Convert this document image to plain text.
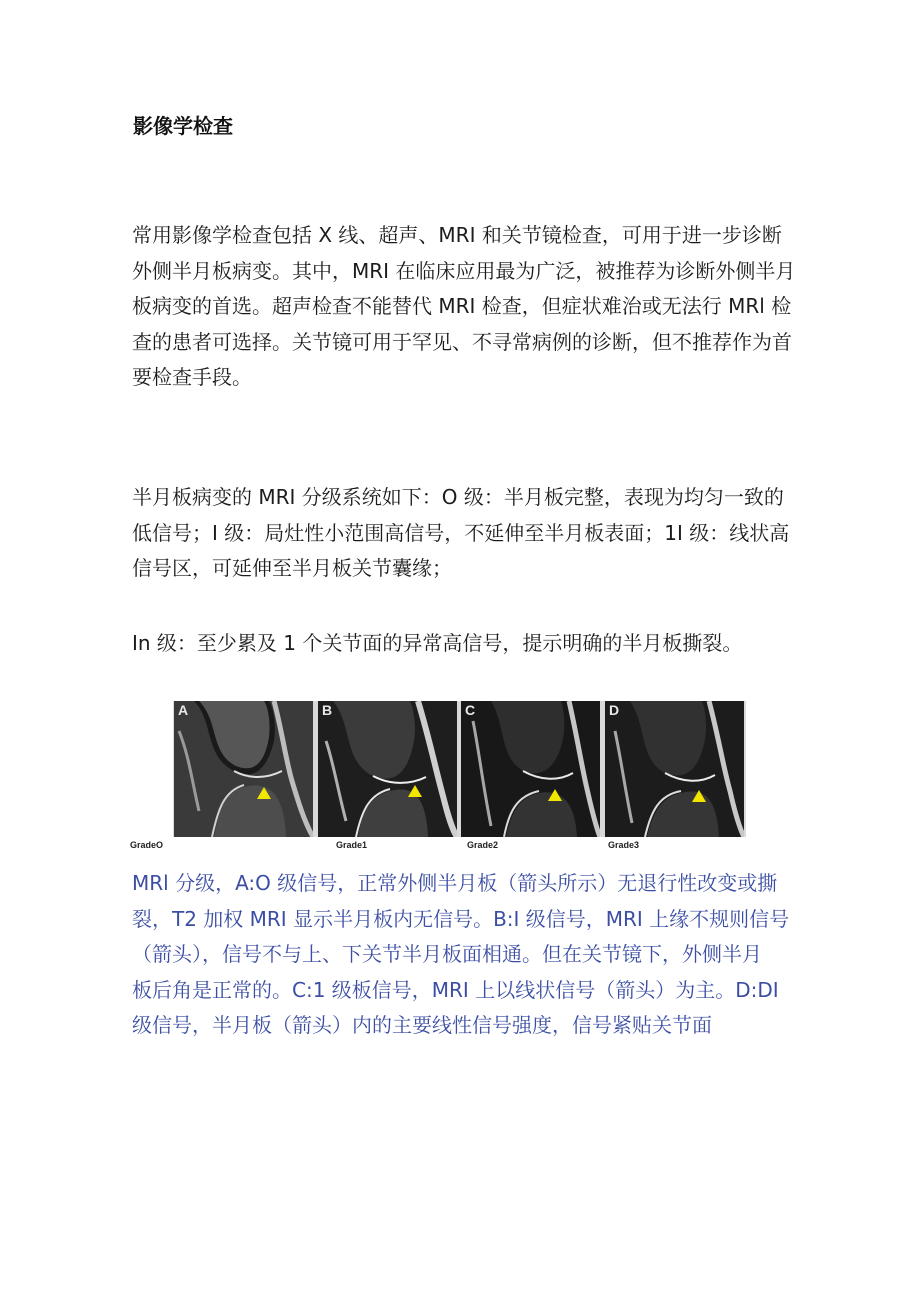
影像学检查
常用影像学检查包括 X 线、超声、MRI 和关节镜检查，可用于进一步诊断
外侧半月板病变。其中，MRI 在临床应用最为广泛，被推荐为诊断外侧半月
板病变的首选。超声检查不能替代 MRI 检查，但症状难治或无法行 MRl 检
查的患者可选择。关节镜可用于罕见、不寻常病例的诊断，但不推荐作为首
要检查手段。
半月板病变的 MRI 分级系统如下：O 级：半月板完整，表现为均匀一致的
低信号；I 级：局灶性小范围高信号，不延伸至半月板表面；1I 级：线状高
信号区，可延伸至半月板关节囊缘；
In 级：至少累及 1 个关节面的异常高信号，提示明确的半月板撕裂。
A	B	C	D
GradeO	Grade1	Grade2	Grade3
MRl 分级，A:O 级信号，正常外侧半月板（箭头所示）无退行性改变或撕
裂，T2 加权 MRI 显示半月板内无信号。B:I 级信号，MRI 上缘不规则信号
（箭头），信号不与上、下关节半月板面相通。但在关节镜下，外侧半月
板后角是正常的。C:1 级板信号，MRI 上以线状信号（箭头）为主。D:DI
级信号，半月板（箭头）内的主要线性信号强度，信号紧贴关节面
